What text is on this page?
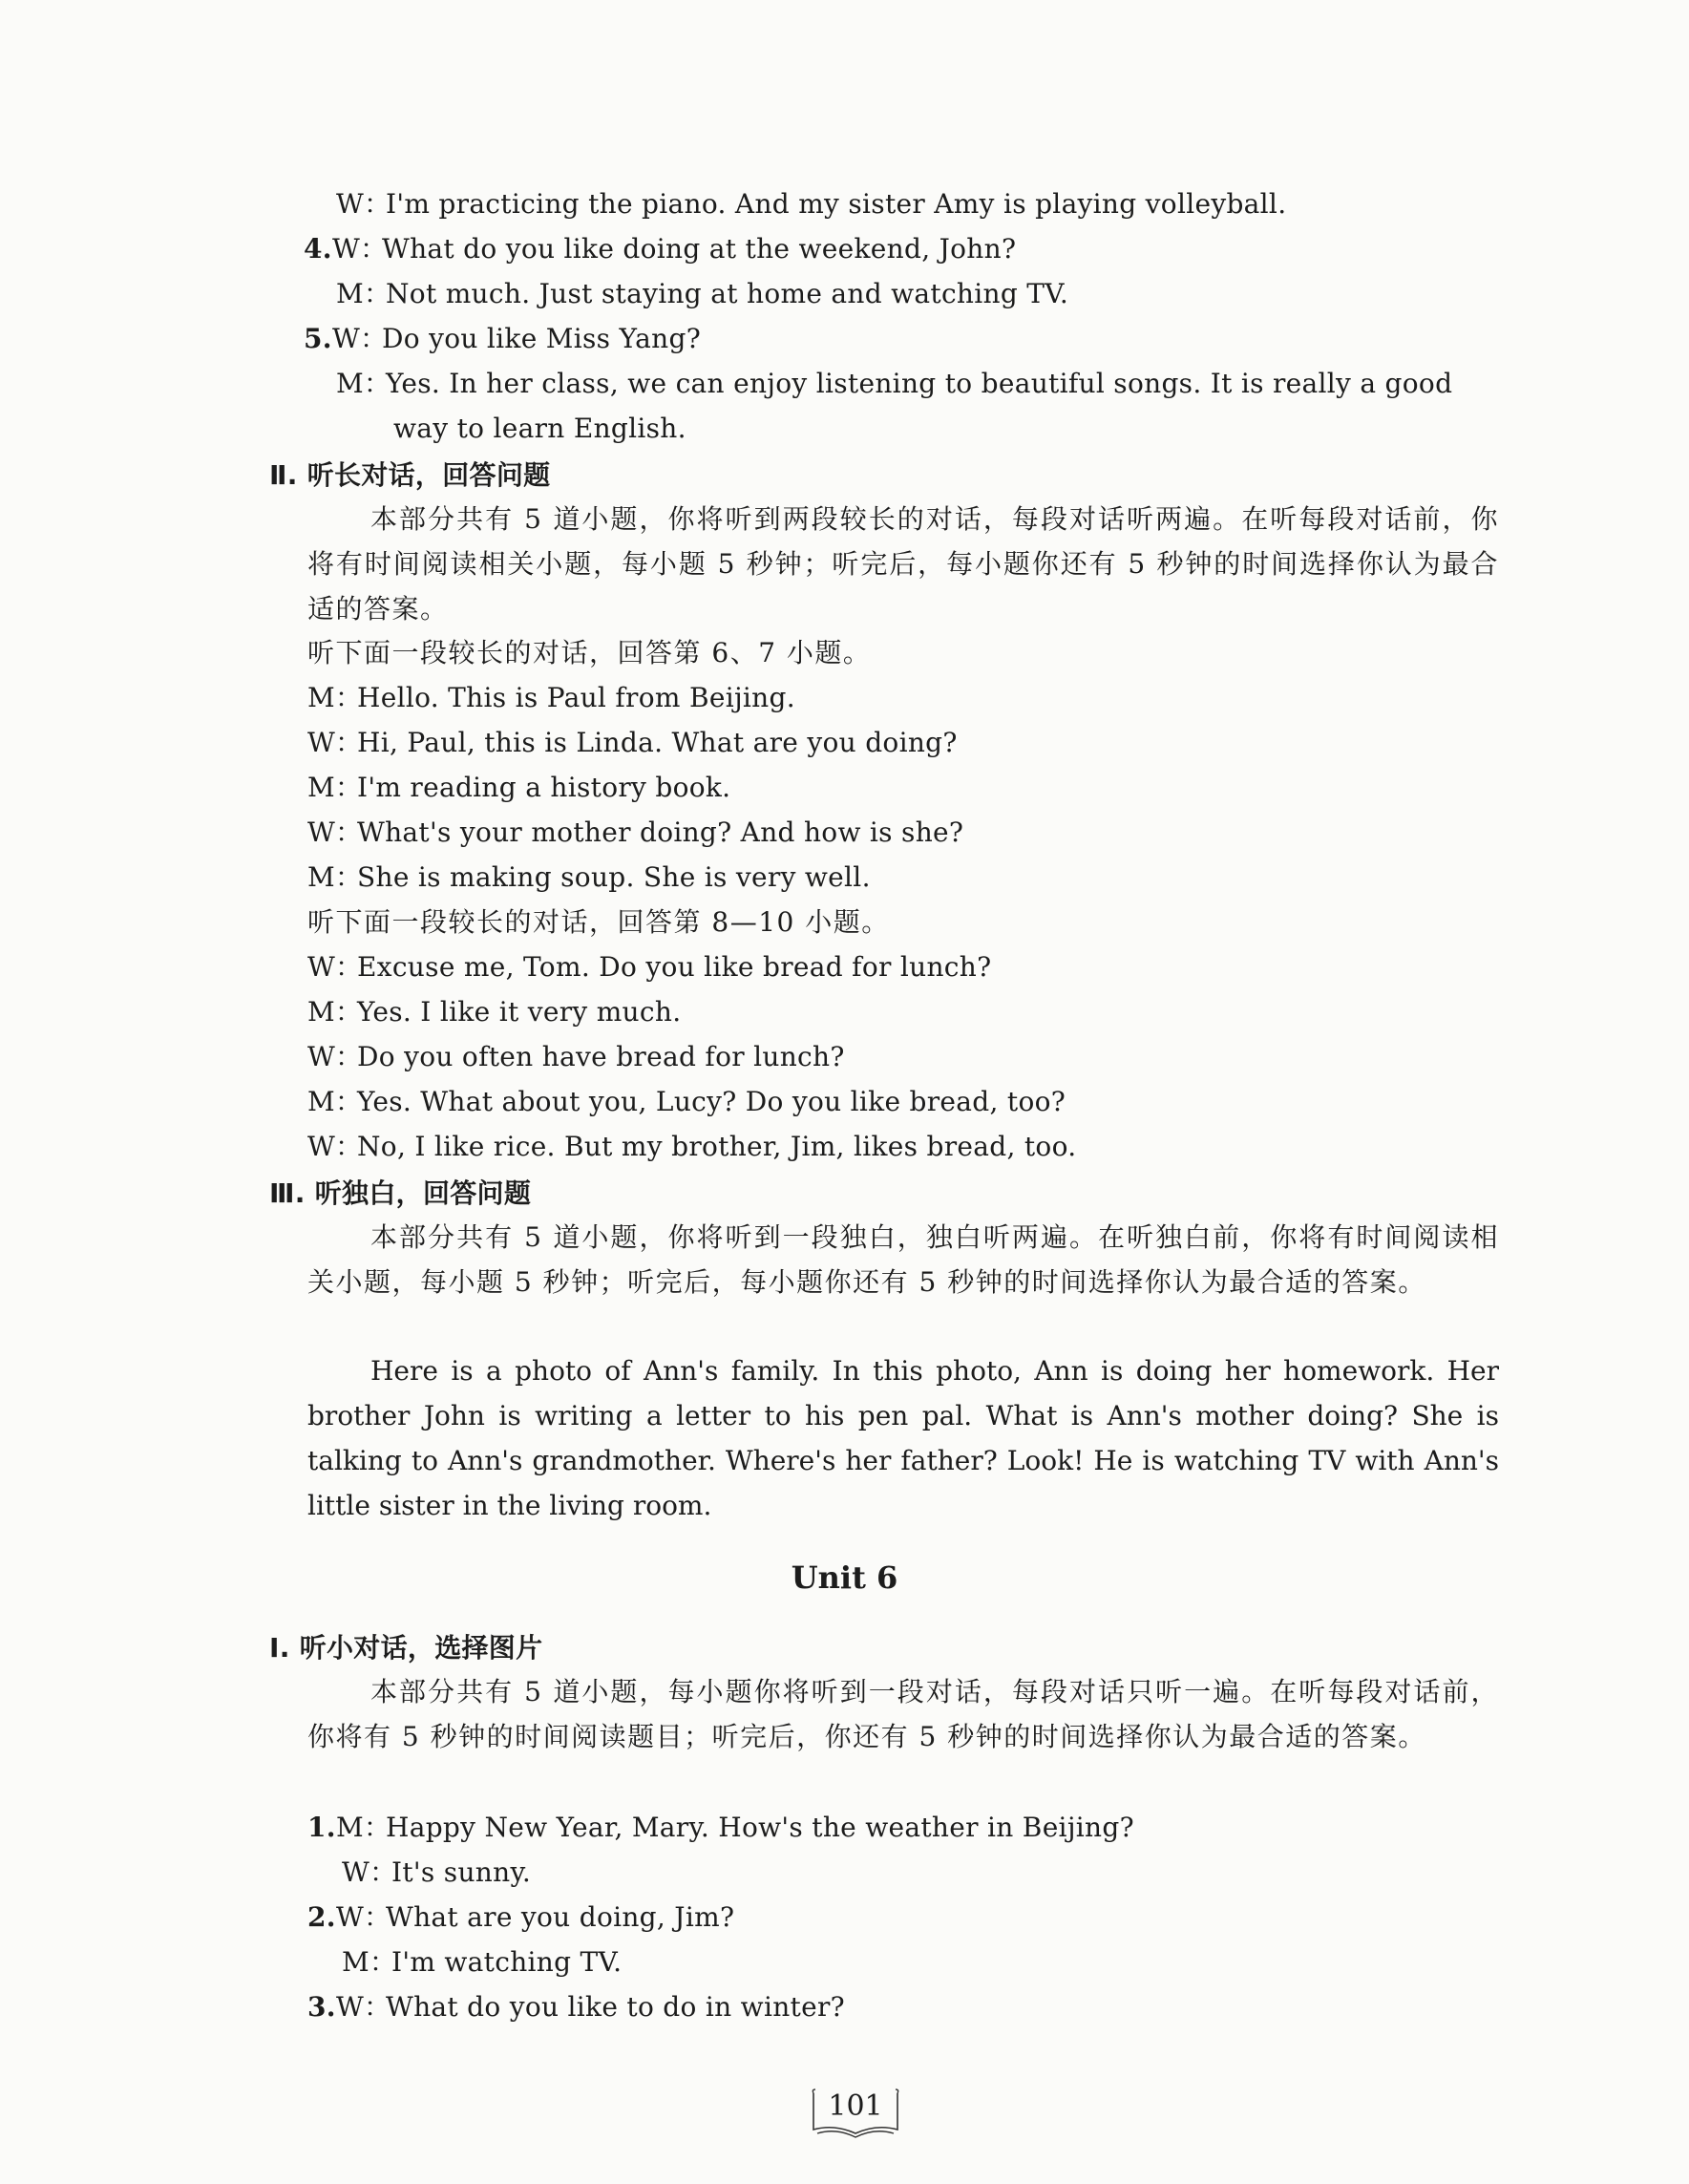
W：I'm practicing the piano. And my sister Amy is playing volleyball.
4.W：What do you like doing at the weekend, John?
M：Not much. Just staying at home and watching TV.
5.W：Do you like Miss Yang?
M：Yes. In her class, we can enjoy listening to beautiful songs. It is really a good
way to learn English.
Ⅱ. 听长对话，回答问题
本部分共有 5 道小题，你将听到两段较长的对话，每段对话听两遍。在听每段对话前，你将有时间阅读相关小题，每小题 5 秒钟；听完后，每小题你还有 5 秒钟的时间选择你认为最合适的答案。
听下面一段较长的对话，回答第 6、7 小题。
M：Hello. This is Paul from Beijing.
W：Hi, Paul, this is Linda. What are you doing?
M：I'm reading a history book.
W：What's your mother doing? And how is she?
M：She is making soup. She is very well.
听下面一段较长的对话，回答第 8—10 小题。
W：Excuse me, Tom. Do you like bread for lunch?
M：Yes. I like it very much.
W：Do you often have bread for lunch?
M：Yes. What about you, Lucy? Do you like bread, too?
W：No, I like rice. But my brother, Jim, likes bread, too.
Ⅲ. 听独白，回答问题
本部分共有 5 道小题，你将听到一段独白，独白听两遍。在听独白前，你将有时间阅读相关小题，每小题 5 秒钟；听完后，每小题你还有 5 秒钟的时间选择你认为最合适的答案。
Here is a photo of Ann's family. In this photo, Ann is doing her homework. Her brother John is writing a letter to his pen pal. What is Ann's mother doing? She is talking to Ann's grandmother. Where's her father? Look! He is watching TV with Ann's little sister in the living room.
Unit 6
Ⅰ. 听小对话，选择图片
本部分共有 5 道小题，每小题你将听到一段对话，每段对话只听一遍。在听每段对话前，你将有 5 秒钟的时间阅读题目；听完后，你还有 5 秒钟的时间选择你认为最合适的答案。
1.M：Happy New Year, Mary. How's the weather in Beijing?
W：It's sunny.
2.W：What are you doing, Jim?
M：I'm watching TV.
3.W：What do you like to do in winter?
101
